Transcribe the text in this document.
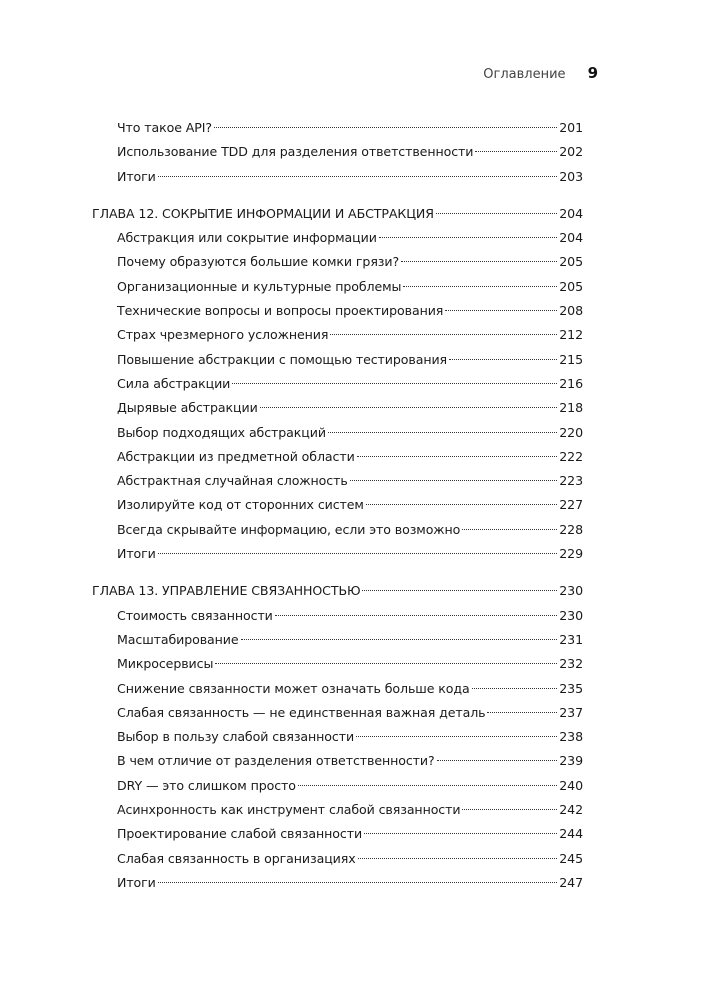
Оглавление 9
Что такое API?	201
Использование TDD для разделения ответственности	202
Итоги	203
ГЛАВА 12. СОКРЫТИЕ ИНФОРМАЦИИ И АБСТРАКЦИЯ	204
Абстракция или сокрытие информации	204
Почему образуются большие комки грязи?	205
Организационные и культурные проблемы	205
Технические вопросы и вопросы проектирования	208
Страх чрезмерного усложнения	212
Повышение абстракции с помощью тестирования	215
Сила абстракции	216
Дырявые абстракции	218
Выбор подходящих абстракций	220
Абстракции из предметной области	222
Абстрактная случайная сложность	223
Изолируйте код от сторонних систем	227
Всегда скрывайте информацию, если это возможно	228
Итоги	229
ГЛАВА 13. УПРАВЛЕНИЕ СВЯЗАННОСТЬЮ	230
Стоимость связанности	230
Масштабирование	231
Микросервисы	232
Снижение связанности может означать больше кода	235
Слабая связанность — не единственная важная деталь	237
Выбор в пользу слабой связанности	238
В чем отличие от разделения ответственности?	239
DRY — это слишком просто	240
Асинхронность как инструмент слабой связанности	242
Проектирование слабой связанности	244
Слабая связанность в организациях	245
Итоги	247
